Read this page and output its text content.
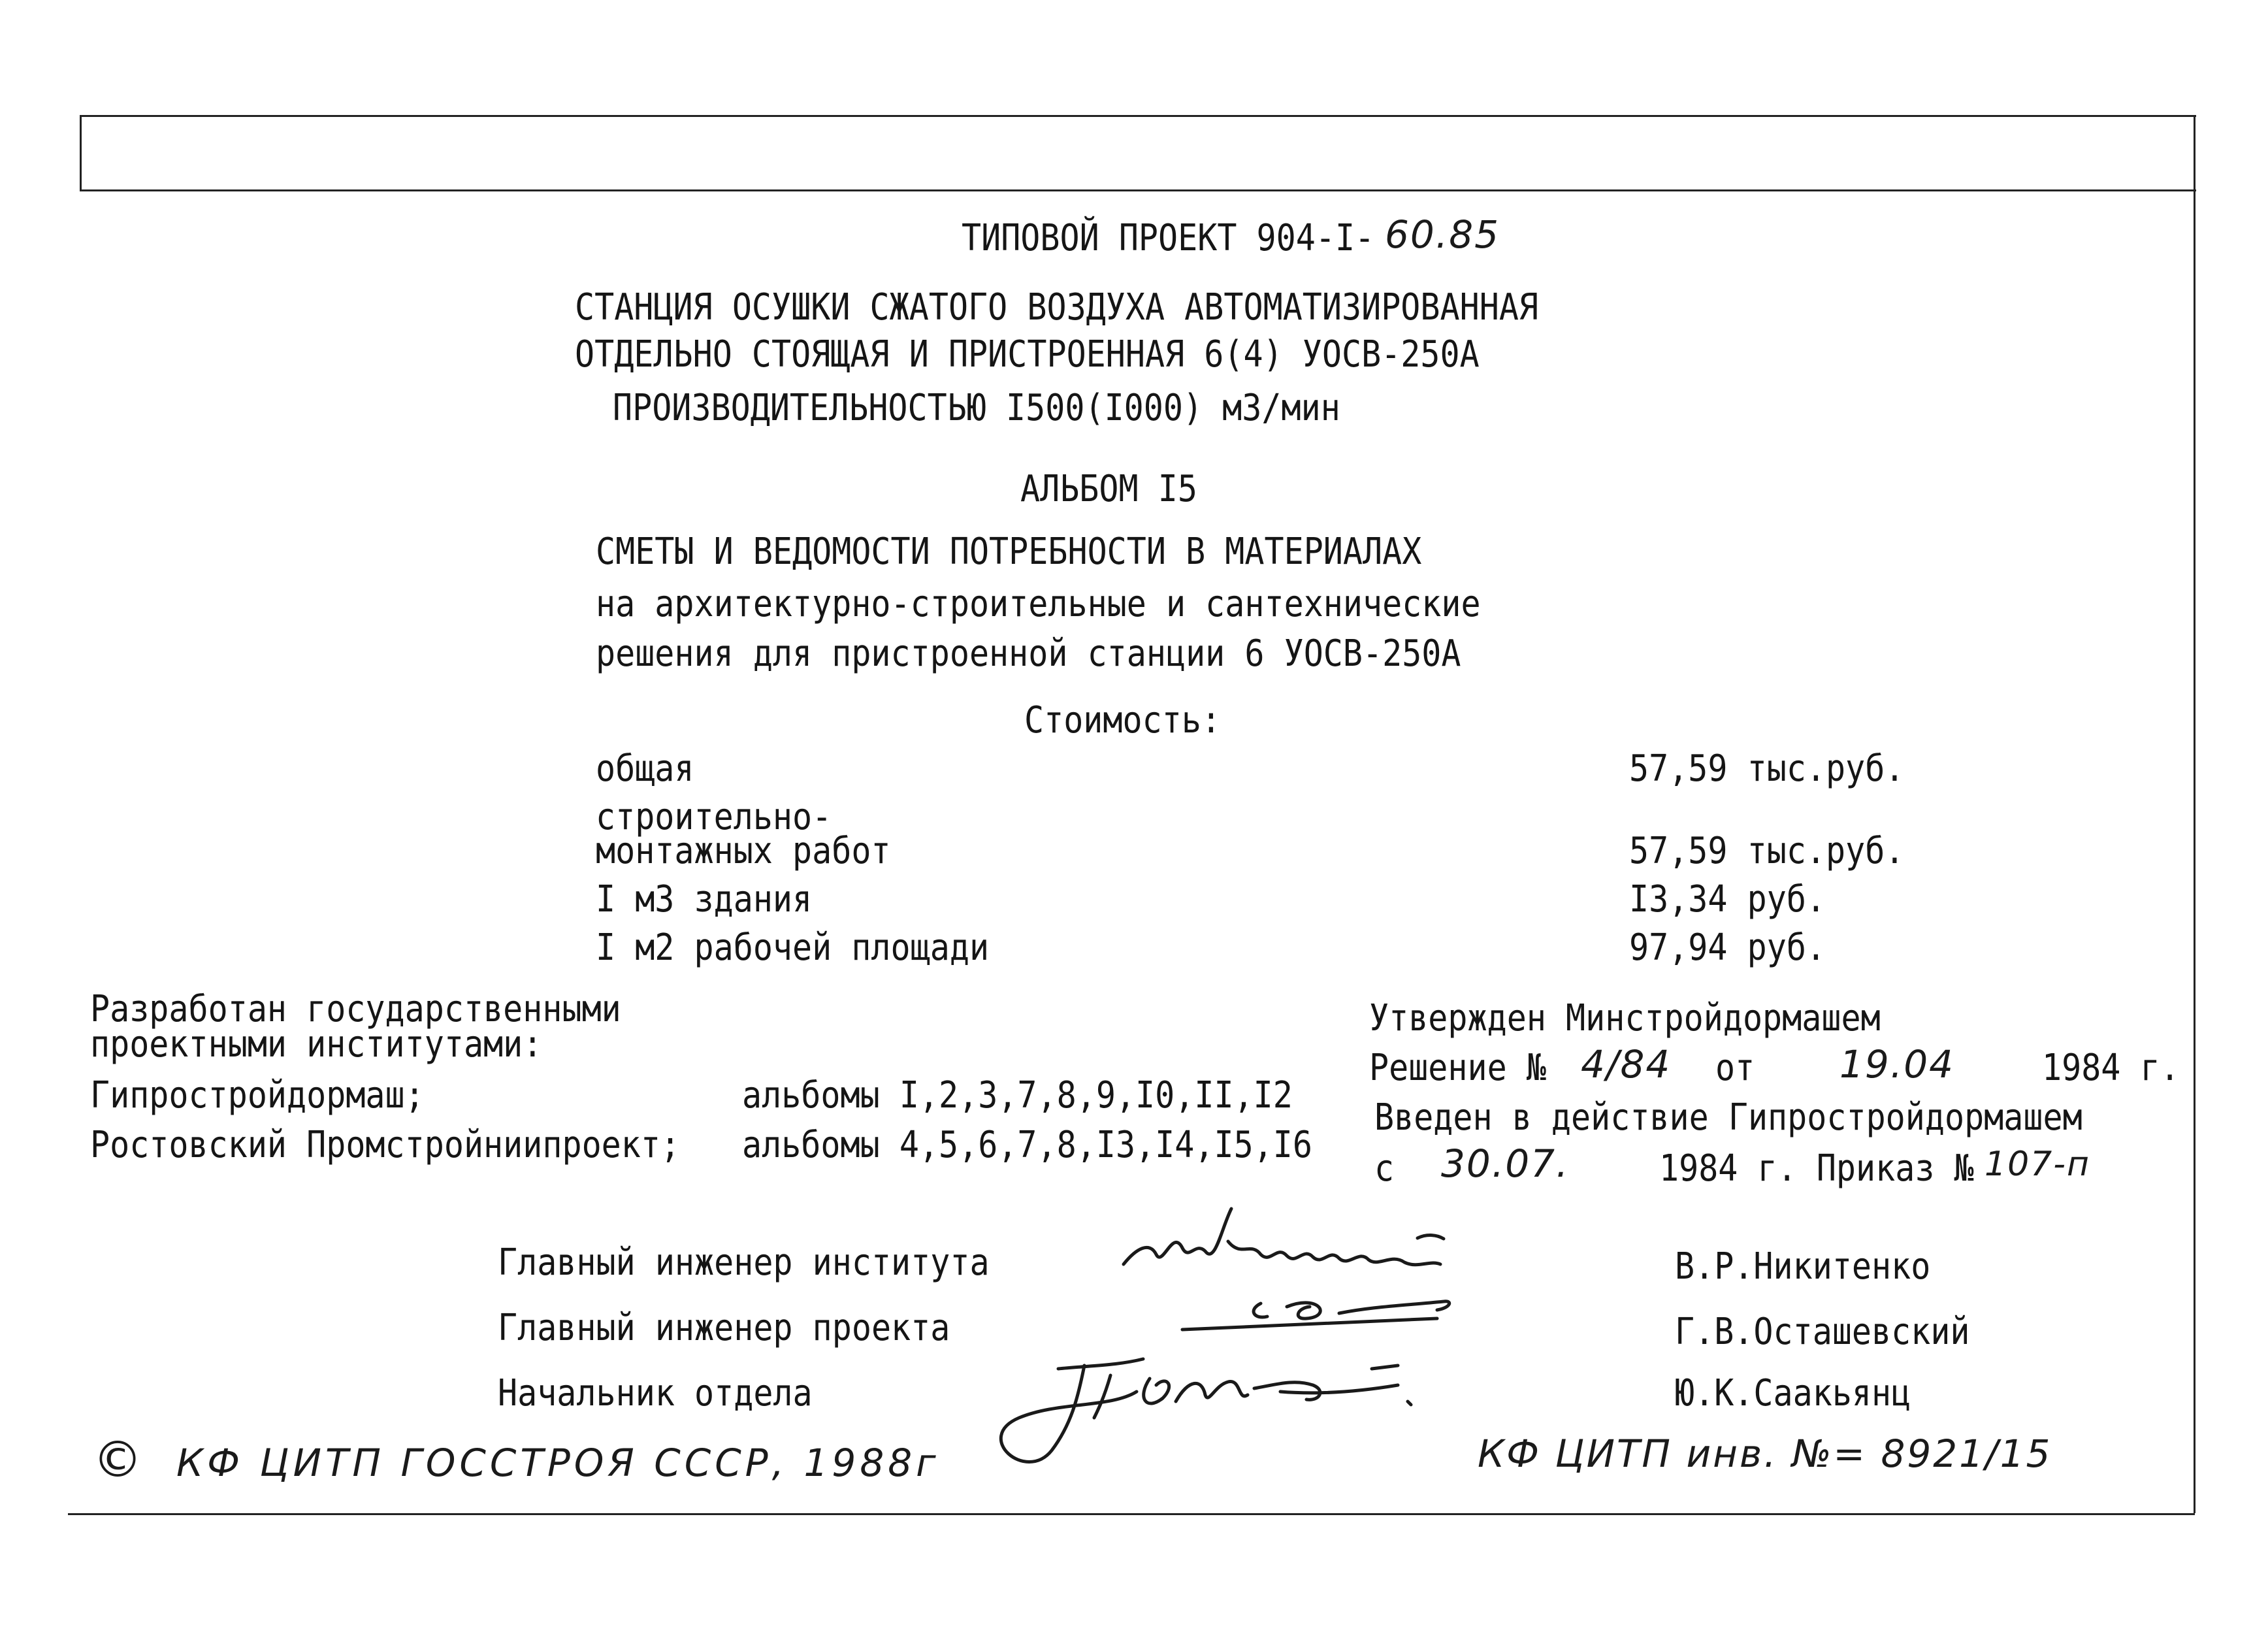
ТИПОВОЙ ПРОЕКТ 904-I- 60.85
СТАНЦИЯ ОСУШКИ СЖАТОГО ВОЗДУХА АВТОМАТИЗИРОВАННАЯ
ОТДЕЛЬНО СТОЯЩАЯ И ПРИСТРОЕННАЯ 6(4) УОСВ-250А
ПРОИЗВОДИТЕЛЬНОСТЬЮ I500(I000) м3/мин
АЛЬБОМ I5
СМЕТЫ И ВЕДОМОСТИ ПОТРЕБНОСТИ В МАТЕРИАЛАХ
на архитектурно-строительные и сантехнические
решения для пристроенной станции 6 УОСВ-250А
Стоимость:
общая	57,59 тыс.руб.
строительно-
монтажных работ	57,59 тыс.руб.
I м3 здания	I3,34 руб.
I м2 рабочей площади	97,94 руб.
Разработан государственными
проектными институтами:
Гипростройдормаш;	альбомы I,2,3,7,8,9,I0,II,I2
Ростовский Промстройниипроект; альбомы 4,5,6,7,8,I3,I4,I5,I6
Утвержден Минстройдормашем
Решение № 4/84 от 19.04	1984 г.
Введен в действие Гипростройдормашем
с 30.07.	1984 г. Приказ № 107-п
Главный инженер института	В.Р.Никитенко
Главный инженер проекта	Г.В.Осташевский
Начальник отдела	Ю.К.Саакьянц
© КФ ЦИТП ГОССТРОЯ СССР, 1988г	КФ ЦИТП инв. №= 8921/15
